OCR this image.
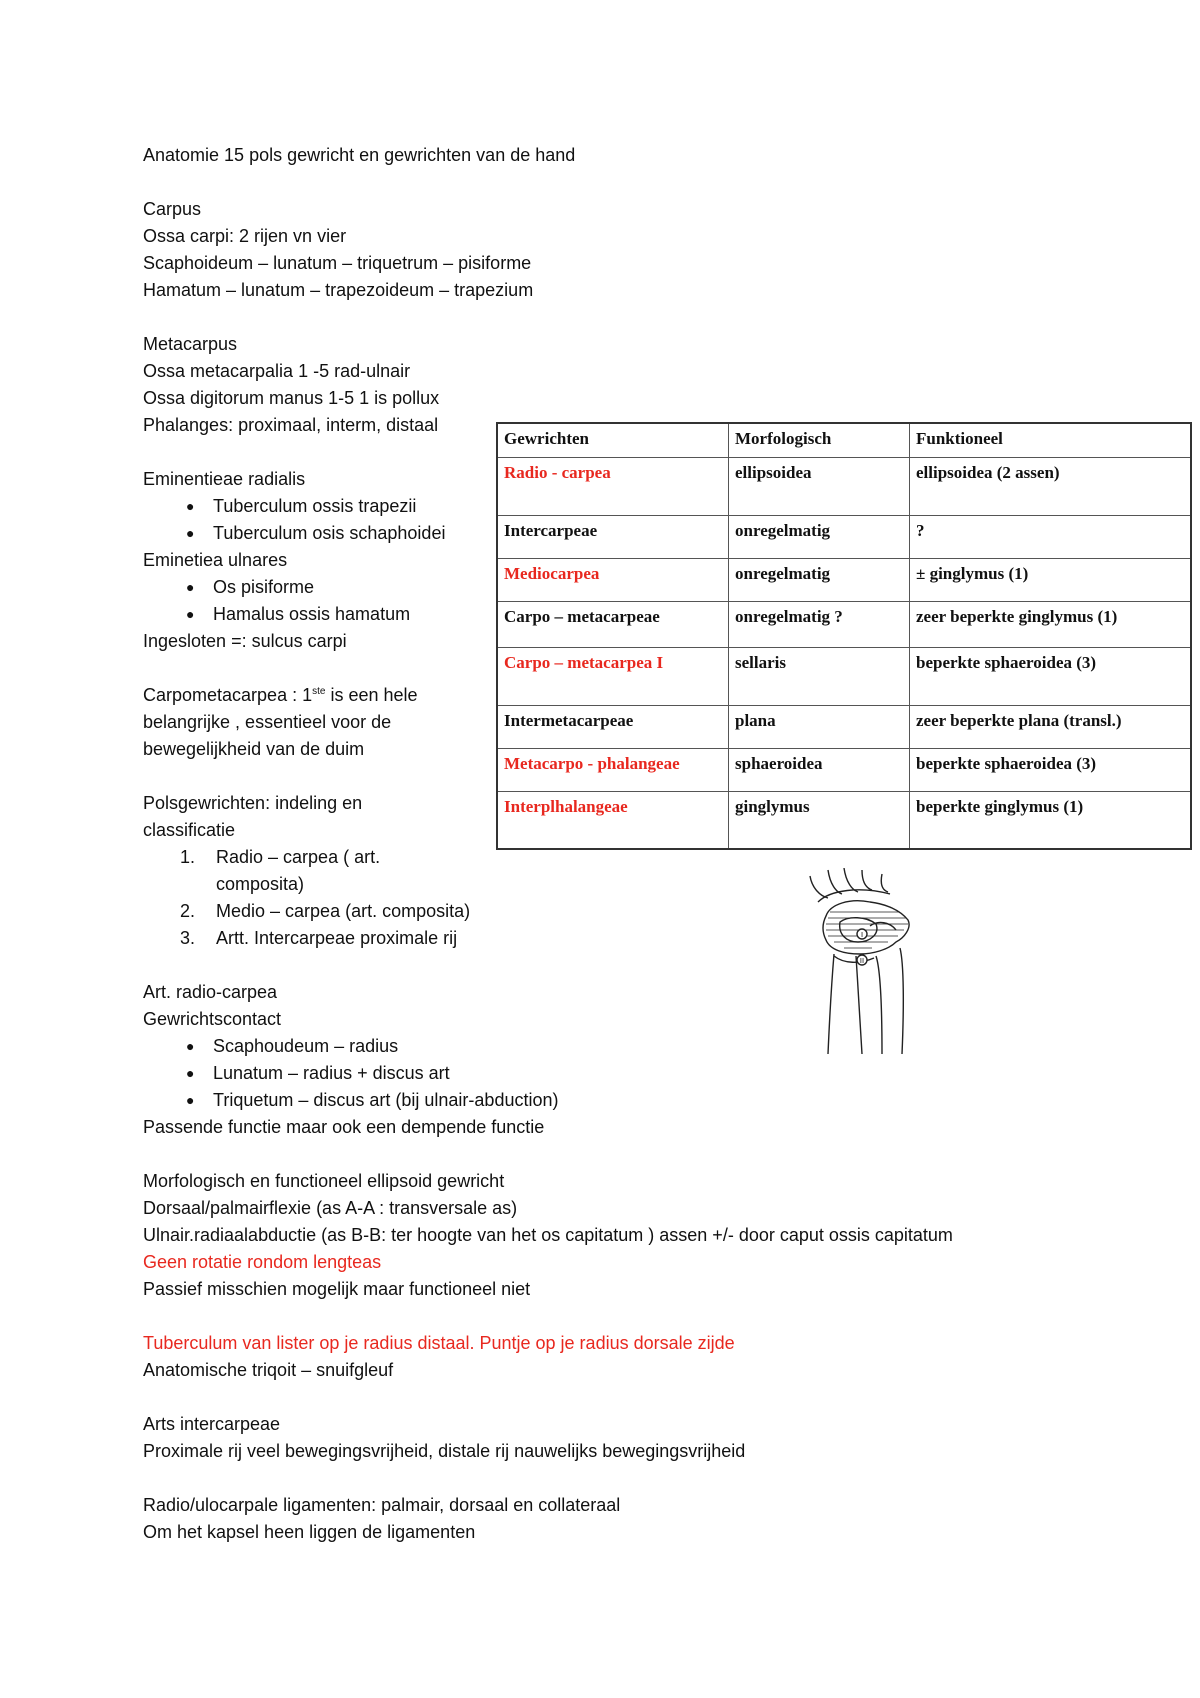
Anatomie 15 pols gewricht en gewrichten van de hand
Carpus
Ossa carpi: 2 rijen vn vier
Scaphoideum – lunatum – triquetrum – pisiforme
Hamatum – lunatum – trapezoideum – trapezium
Metacarpus
Ossa metacarpalia 1 -5 rad-ulnair
Ossa digitorum manus 1-5 1 is pollux
Phalanges: proximaal, interm, distaal
Eminentieae radialis
● Tuberculum ossis trapezii
● Tuberculum osis schaphoidei
Eminetiea ulnares
● Os pisiforme
● Hamalus ossis hamatum
Ingesloten =: sulcus carpi
Carpometacarpea : 1ste is een hele
belangrijke , essentieel voor de
bewegelijkheid van de duim
Polsgewrichten: indeling en
classificatie
1. Radio – carpea ( art.
composita)
2. Medio – carpea (art. composita)
3. Artt. Intercarpeae proximale rij
Art. radio-carpea
Gewrichtscontact
● Scaphoudeum – radius
● Lunatum – radius + discus art
● Triquetum – discus art (bij ulnair-abduction)
Passende functie maar ook een dempende functie
Morfologisch en functioneel ellipsoid gewricht
Dorsaal/palmairflexie (as A-A : transversale as)
Ulnair.radiaalabductie (as B-B: ter hoogte van het os capitatum ) assen +/- door caput ossis capitatum
Geen rotatie rondom lengteas
Passief misschien mogelijk maar functioneel niet
Tuberculum van lister op je radius distaal. Puntje op je radius dorsale zijde
Anatomische triqoit – snuifgleuf
Arts intercarpeae
Proximale rij veel bewegingsvrijheid, distale rij nauwelijks bewegingsvrijheid
Radio/ulocarpale ligamenten: palmair, dorsaal en collateraal
Om het kapsel heen liggen de ligamenten
Gewrichten	Morfologisch	Funktioneel
Radio - carpea	ellipsoidea	ellipsoidea (2 assen)
Intercarpeae	onregelmatig	?
Mediocarpea	onregelmatig	± ginglymus (1)
Carpo – metacarpeae	onregelmatig ?	zeer beperkte ginglymus (1)
Carpo – metacarpea I	sellaris	beperkte sphaeroidea (3)
Intermetacarpeae	plana	zeer beperkte plana (transl.)
Metacarpo - phalangeae	sphaeroidea	beperkte sphaeroidea (3)
Interplhalangeae	ginglymus	beperkte ginglymus (1)
I
II
